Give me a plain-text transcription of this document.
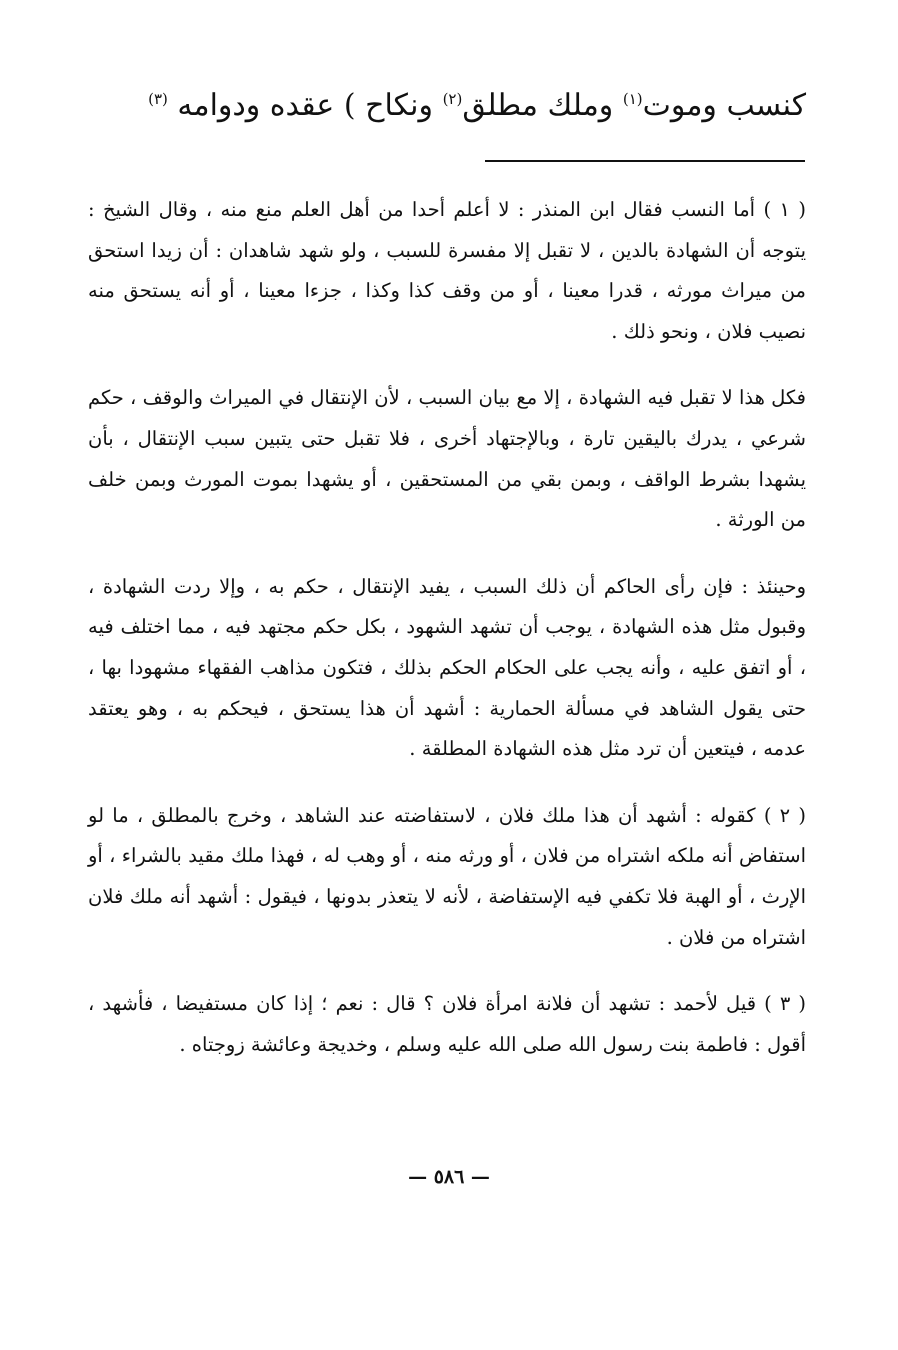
كنسب وموت$^{(١)}$ وملك مطلق$^{(٢)}$ ونكاح ) عقده ودوامه $^{(٣)}$

( ١ ) أما النسب فقال ابن المنذر : لا أعلم أحدا من أهل العلم منع منه ، وقال الشيخ : يتوجه أن الشهادة بالدين ، لا تقبل إلا مفسرة للسبب ، ولو شهد شاهدان : أن زيدا استحق من ميراث مورثه ، قدرا معينا ، أو من وقف كذا وكذا ، جزءا معينا ، أو أنه يستحق منه نصيب فلان ، ونحو ذلك .

فكل هذا لا تقبل فيه الشهادة ، إلا مع بيان السبب ، لأن الإنتقال في الميراث والوقف ، حكم شرعي ، يدرك باليقين تارة ، وبالإجتهاد أخرى ، فلا تقبل حتى يتبين سبب الإنتقال ، بأن يشهدا بشرط الواقف ، وبمن بقي من المستحقين ، أو يشهدا بموت المورث وبمن خلف من الورثة .

وحينئذ : فإن رأى الحاكم أن ذلك السبب ، يفيد الإنتقال ، حكم به ، وإلا ردت الشهادة ، وقبول مثل هذه الشهادة ، يوجب أن تشهد الشهود ، بكل حكم مجتهد فيه ، مما اختلف فيه ، أو اتفق عليه ، وأنه يجب على الحكام الحكم بذلك ، فتكون مذاهب الفقهاء مشهودا بها ، حتى يقول الشاهد في مسألة الحمارية : أشهد أن هذا يستحق ، فيحكم به ، وهو يعتقد عدمه ، فيتعين أن ترد مثل هذه الشهادة المطلقة .

( ٢ ) كقوله : أشهد أن هذا ملك فلان ، لاستفاضته عند الشاهد ، وخرج بالمطلق ، ما لو استفاض أنه ملكه اشتراه من فلان ، أو ورثه منه ، أو وهب له ، فهذا ملك مقيد بالشراء ، أو الإرث ، أو الهبة فلا تكفي فيه الإستفاضة ، لأنه لا يتعذر بدونها ، فيقول : أشهد أنه ملك فلان اشتراه من فلان .

( ٣ ) قيل لأحمد : تشهد أن فلانة امرأة فلان ؟ قال : نعم ؛ إذا كان مستفيضا ، فأشهد ، أقول : فاطمة بنت رسول الله صلى الله عليه وسلم ، وخديجة وعائشة زوجتاه .

— ٥٨٦ —
